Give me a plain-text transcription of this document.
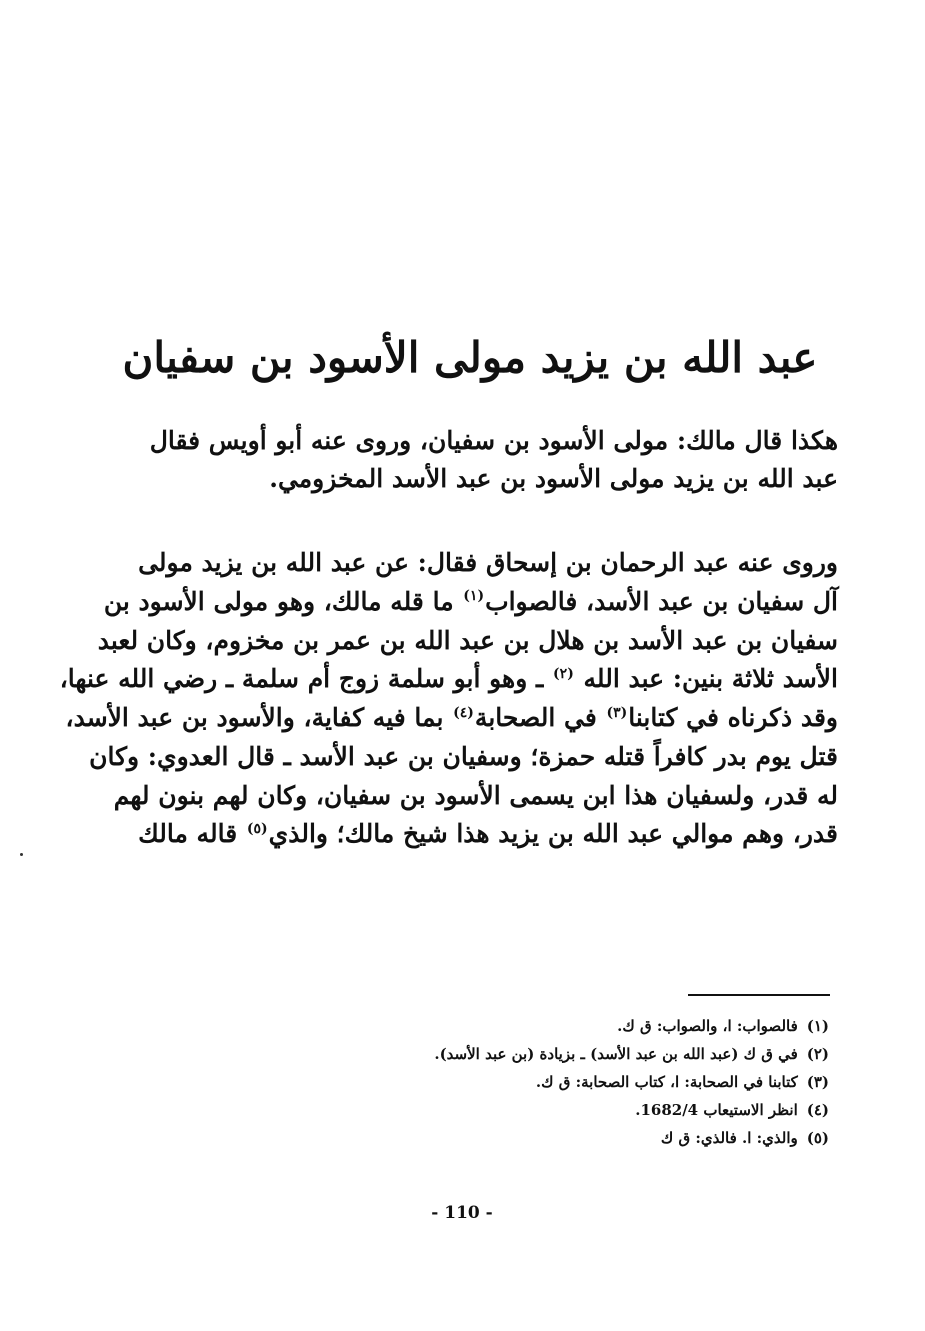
عبد الله بن يزيد مولى الأسود بن سفيان
هكذا قال مالك: مولى الأسود بن سفيان، وروى عنه أبو أويس فقال
عبد الله بن يزيد مولى الأسود بن عبد الأسد المخزومي.
وروى عنه عبد الرحمان بن إسحاق فقال: عن عبد الله بن يزيد مولى
آل سفيان بن عبد الأسد، فالصواب$^{(١)}$ ما قله مالك، وهو مولى الأسود بن
سفيان بن عبد الأسد بن هلال بن عبد الله بن عمر بن مخزوم، وكان لعبد
الأسد ثلاثة بنين: عبد الله $^{(٢)}$ ـ وهو أبو سلمة زوج أم سلمة ـ رضي الله عنها،
وقد ذكرناه في كتابنا$^{(٣)}$ في الصحابة$^{(٤)}$ بما فيه كفاية، والأسود بن عبد الأسد،
قتل يوم بدر كافراً قتله حمزة؛ وسفيان بن عبد الأسد ـ قال العدوي: وكان
له قدر، ولسفيان هذا ابن يسمى الأسود بن سفيان، وكان لهم بنون لهم
قدر، وهم موالي عبد الله بن يزيد هذا شيخ مالك؛ والذي$^{(٥)}$ قاله مالك
(١) فالصواب: ا، والصواب: ق ك.
(٢) في ق ك (عبد الله بن عبد الأسد) ـ بزيادة (بن عبد الأسد).
(٣) كتابنا في الصحابة: ا، كتاب الصحابة: ق ك.
(٤) انظر الاستيعاب 1682/4.
(٥) والذي: ا. فالذي: ق ك
- 110 -
